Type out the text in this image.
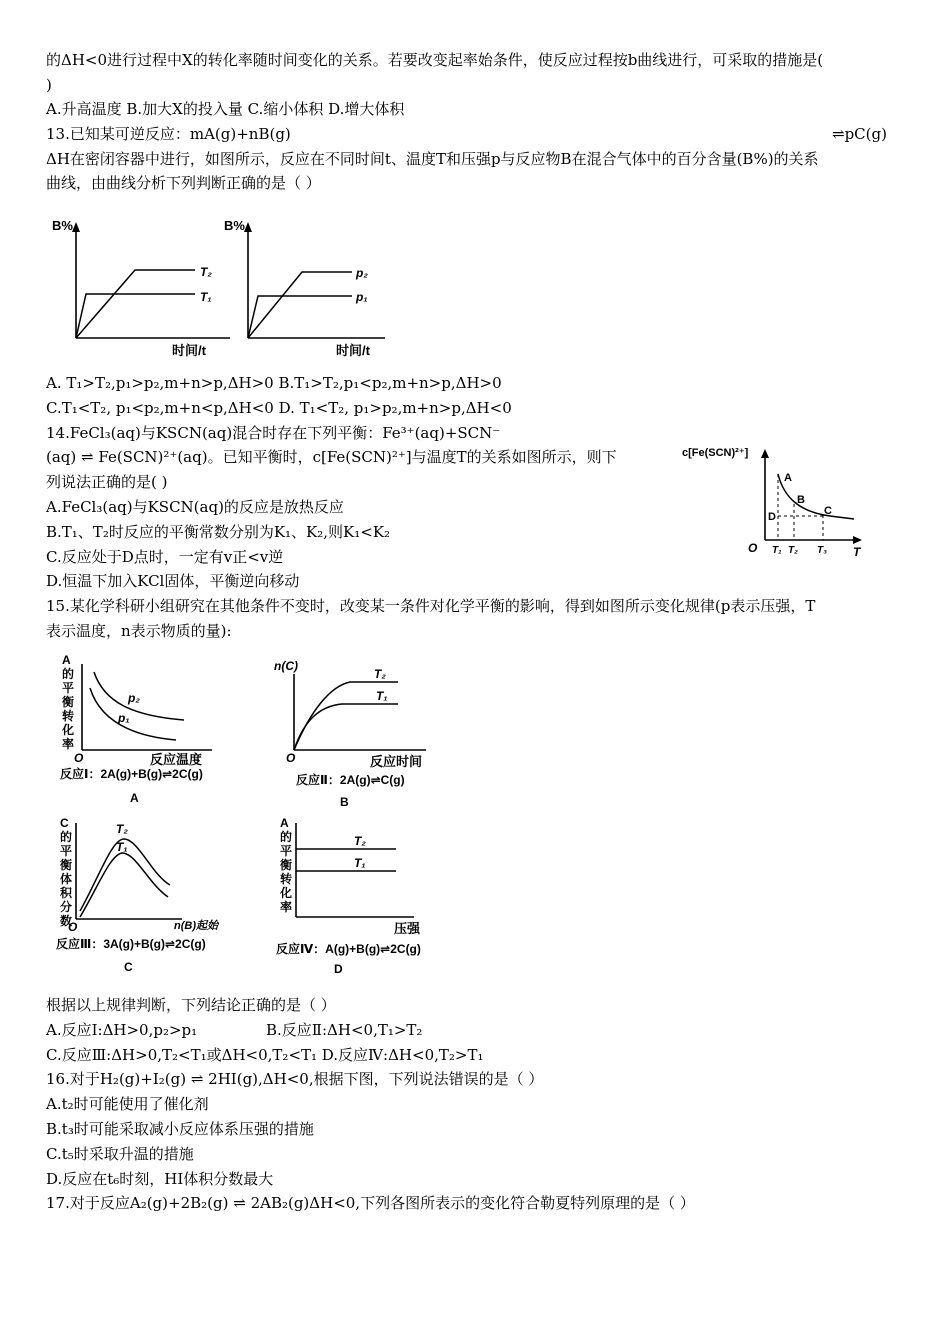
的ΔH<0进行过程中X的转化率随时间变化的关系。若要改变起率始条件，使反应过程按b曲线进行，可采取的措施是(
)
A.升高温度 B.加大X的投入量 C.缩小体积 D.增大体积
13.已知某可逆反应：mA(g)+nB(g)	⇌pC(g)
ΔH在密闭容器中进行，如图所示，反应在不同时间t、温度T和压强p与反应物B在混合气体中的百分含量(B%)的关系
曲线，由曲线分析下列判断正确的是（ ）
A. T₁>T₂,p₁>p₂,m+n>p,ΔH>0 B.T₁>T₂,p₁<p₂,m+n>p,ΔH>0
C.T₁<T₂, p₁<p₂,m+n<p,ΔH<0 D. T₁<T₂, p₁>p₂,m+n>p,ΔH<0
14.FeCl₃(aq)与KSCN(aq)混合时存在下列平衡：Fe³⁺(aq)+SCN⁻
(aq) ⇌ Fe(SCN)²⁺(aq)。已知平衡时，c[Fe(SCN)²⁺]与温度T的关系如图所示，则下
列说法正确的是( )
A.FeCl₃(aq)与KSCN(aq)的反应是放热反应
B.T₁、T₂时反应的平衡常数分别为K₁、K₂,则K₁<K₂
C.反应处于D点时，一定有v正<v逆
D.恒温下加入KCl固体，平衡逆向移动
15.某化学科研小组研究在其他条件不变时，改变某一条件对化学平衡的影响，得到如图所示变化规律(p表示压强，T
表示温度，n表示物质的量):
根据以上规律判断，下列结论正确的是（ ）
A.反应Ⅰ:ΔH>0,p₂>p₁	B.反应Ⅱ:ΔH<0,T₁>T₂
C.反应Ⅲ:ΔH>0,T₂<T₁或ΔH<0,T₂<T₁ D.反应Ⅳ:ΔH<0,T₂>T₁
16.对于H₂(g)+I₂(g) ⇌ 2HI(g),ΔH<0,根据下图，下列说法错误的是（ ）
A.t₂时可能使用了催化剂
B.t₃时可能采取减小反应体系压强的措施
C.t₅时采取升温的措施
D.反应在t₆时刻，HI体积分数最大
17.对于反应A₂(g)+2B₂(g) ⇌ 2AB₂(g)ΔH<0,下列各图所表示的变化符合勒夏特列原理的是（ ）
B%
时间/t
T₂
T₁
B%
时间/t
p₂
p₁
c[Fe(SCN)²⁺]
O	T
A
B
C
D
T₁ T₂ T₃
A
的
平
衡
转
化
率
O	反应温度
p₂
p₁
反应Ⅰ：2A(g)+B(g)⇌2C(g)
A
n(C)
O	反应时间
T₂
T₁
反应Ⅱ：2A(g)⇌C(g)
B
C
的
平
衡
体
积
分
数
O	n(B)起始
T₂
T₁
反应Ⅲ：3A(g)+B(g)⇌2C(g)
C
A
的
平
衡
转
化
率
压强
T₂
T₁
反应Ⅳ：A(g)+B(g)⇌2C(g)
D
